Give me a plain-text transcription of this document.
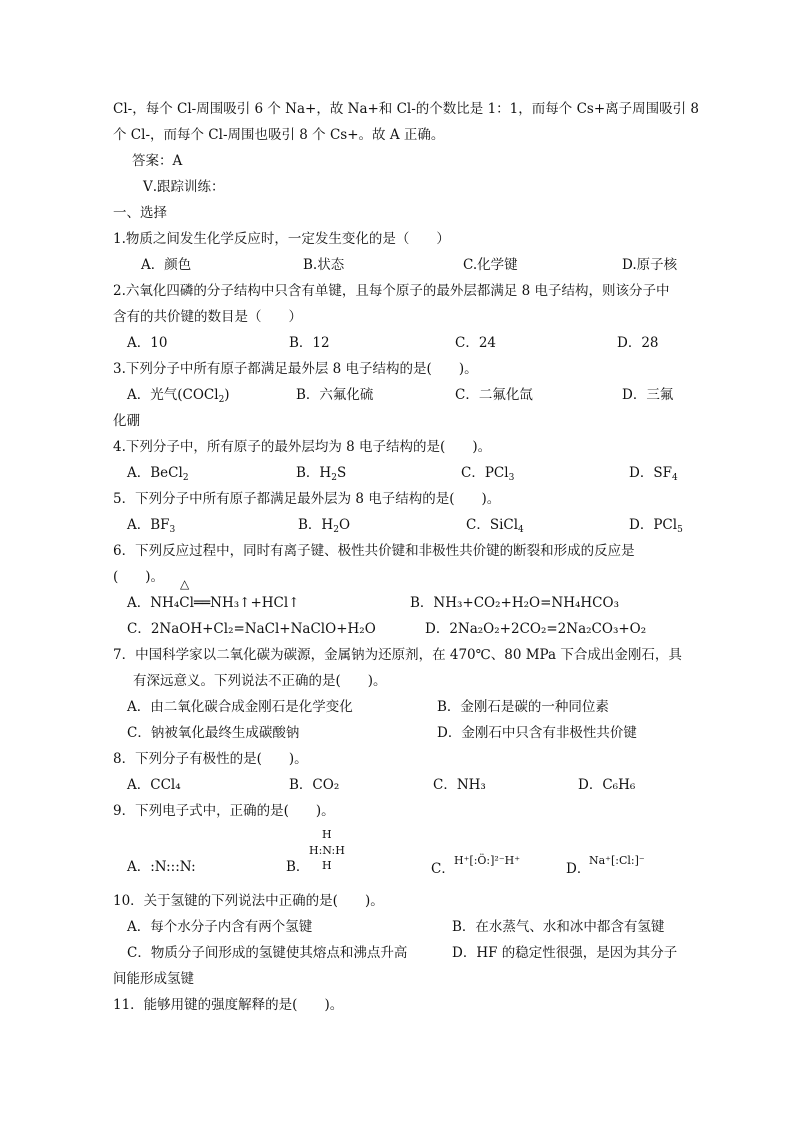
Cl-，每个 Cl-周围吸引 6 个 Na+，故 Na+和 Cl-的个数比是 1：1，而每个 Cs+离子周围吸引 8
个 Cl-，而每个 Cl-周围也吸引 8 个 Cs+。故 A 正确。
答案：A
Ⅴ.跟踪训练：
一、选择
1.物质之间发生化学反应时，一定发生变化的是（　　）
A．颜色	B.状态	C.化学键	D.原子核
2.六氧化四磷的分子结构中只含有单键，且每个原子的最外层都满足 8 电子结构，则该分子中
含有的共价键的数目是（　　）
A．10	B．12	C．24	D．28
3.下列分子中所有原子都满足最外层 8 电子结构的是(　　)。
A．光气(COCl$_2$)	B．六氟化硫	C．二氟化氙	D．三氟
化硼
4.下列分子中，所有原子的最外层均为 8 电子结构的是(　　)。
A．BeCl$_2$	B．$H_2S$	C．PCl$_3$	D．$SF_4$
5．下列分子中所有原子都满足最外层为 8 电子结构的是(　　)。
A．$BF_3$	B．$H_2O$	C．SiCl$_4$	D．PCl$_5$
6．下列反应过程中，同时有离子键、极性共价键和非极性共价键的断裂和形成的反应是
(　　)。 △
A．NH₄Cl══NH₃↑+HCl↑	B．NH₃+CO₂+H₂O=NH₄HCO₃
C．2NaOH+Cl₂=NaCl+NaClO+H₂O	D．2Na₂O₂+2CO₂=2Na₂CO₃+O₂
7．中国科学家以二氧化碳为碳源，金属钠为还原剂，在 470℃、80 MPa 下合成出金刚石，具
有深远意义。下列说法不正确的是(　　)。
A．由二氧化碳合成金刚石是化学变化	B．金刚石是碳的一种同位素
C．钠被氧化最终生成碳酸钠	D．金刚石中只含有非极性共价键
8．下列分子有极性的是(　　)。
A．CCl₄	B．CO₂	C．NH₃	D．C₆H₆
9．下列电子式中，正确的是(　　)。
A．:N:::N:	B．
H
H:N:H
H	C．
H⁺[:Ö:]²⁻H⁺
D．
Na⁺[:Cl:]⁻
10．关于氢键的下列说法中正确的是(　　)。
A．每个水分子内含有两个氢键	B．在水蒸气、水和冰中都含有氢键
C．物质分子间形成的氢键使其熔点和沸点升高	D．HF 的稳定性很强，是因为其分子
间能形成氢键
11．能够用键的强度解释的是(　　)。
